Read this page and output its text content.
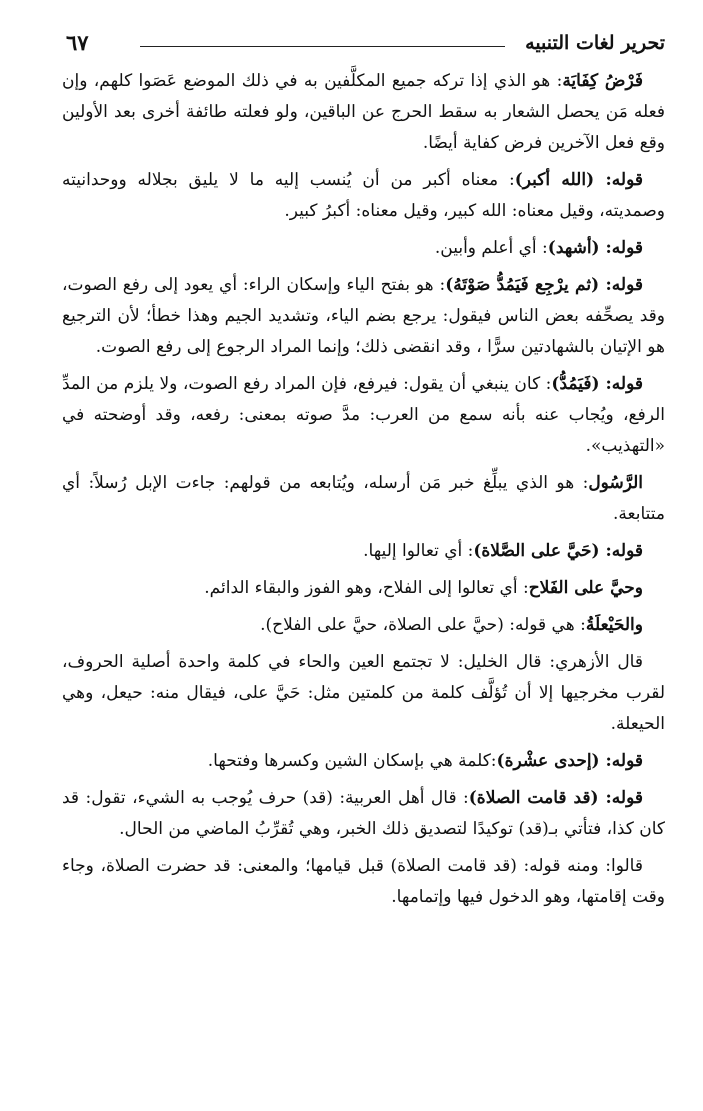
تحرير لغات التنبيه
٦٧

فَرْضُ كِفَايَة: هو الذي إذا تركه جميع المكلَّفين به في ذلك الموضع عَصَوا كلهم، وإن فعله مَن يحصل الشعار به سقط الحرج عن الباقين، ولو فعلته طائفة أخرى بعد الأولين وقع فعل الآخرين فرض كفاية أيضًا.

قوله: (الله أكبر): معناه أكبر من أن يُنسب إليه ما لا يليق بجلاله ووحدانيته وصمديته، وقيل معناه: الله كبير، وقيل معناه: أكبرُ كبير.

قوله: (أشهد): أي أعلم وأبين.

قوله: (ثم يرْجِع فَيَمُدُّ صَوْتَهُ): هو بفتح الياء وإسكان الراء: أي يعود إلى رفع الصوت، وقد يصحِّفه بعض الناس فيقول: يرجع بضم الياء، وتشديد الجيم وهذا خطأ؛ لأن الترجيع هو الإتيان بالشهادتين سرًّا ، وقد انقضى ذلك؛ وإنما المراد الرجوع إلى رفع الصوت.

قوله: (فَيَمُدُّ): كان ينبغي أن يقول: فيرفع، فإن المراد رفع الصوت، ولا يلزم من المدِّ الرفع، ويُجاب عنه بأنه سمع من العرب: مدَّ صوته بمعنى: رفعه، وقد أوضحته في «التهذيب».

الرَّسُول: هو الذي يبلِّغ خبر مَن أرسله، ويُتابعه من قولهم: جاءت الإبل رُسلاً: أي متتابعة.

قوله: (حَيَّ على الصَّلاة): أي تعالوا إليها.

وحيَّ على الفَلاح: أي تعالوا إلى الفلاح، وهو الفوز والبقاء الدائم.

والحَيْعلَةُ: هي قوله: (حيَّ على الصلاة، حيَّ على الفلاح).

قال الأزهري: قال الخليل: لا تجتمع العين والحاء في كلمة واحدة أصلية الحروف، لقرب مخرجيها إلا أن تُؤلَّف كلمة من كلمتين مثل: حَيَّ على، فيقال منه: حيعل، وهي الحيعلة.

قوله: (إحدى عشْرة):كلمة هي بإسكان الشين وكسرها وفتحها.

قوله: (قد قامت الصلاة): قال أهل العربية: (قد) حرف يُوجب به الشيء، تقول: قد كان كذا، فتأتي بـ(قد) توكيدًا لتصديق ذلك الخبر، وهي تُقرِّبُ الماضي من الحال.

قالوا: ومنه قوله: (قد قامت الصلاة) قبل قيامها؛ والمعنى: قد حضرت الصلاة، وجاء وقت إقامتها، وهو الدخول فيها وإتمامها.
